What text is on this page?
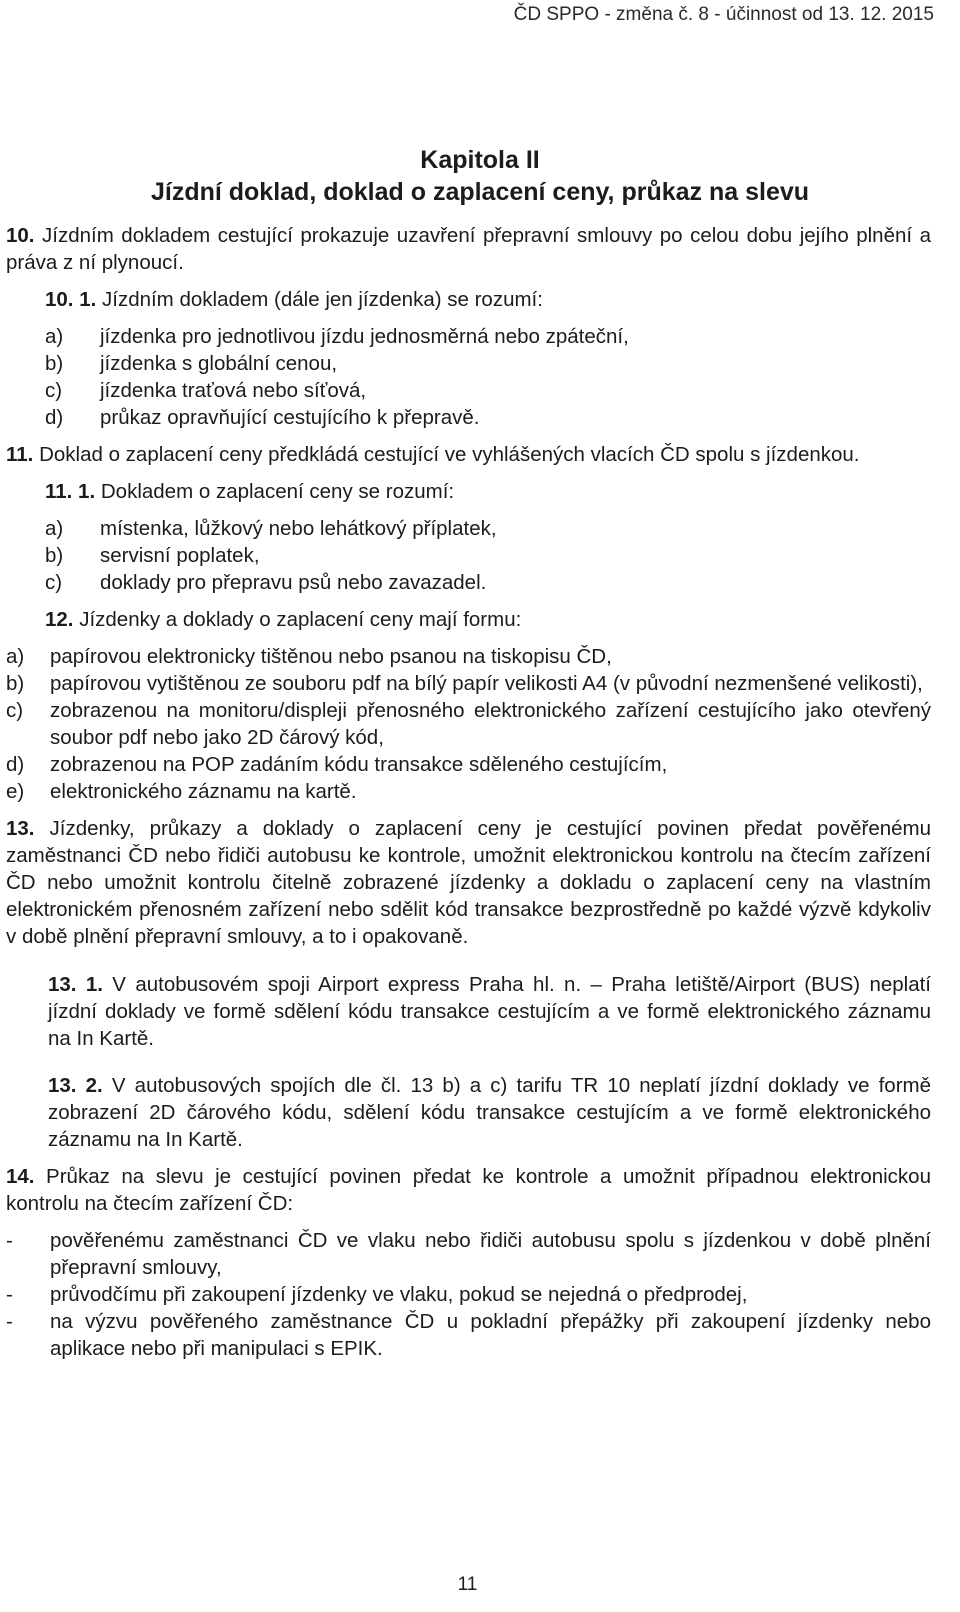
ČD SPPO - změna č. 8 - účinnost od 13. 12. 2015
Kapitola II
Jízdní doklad, doklad o zaplacení ceny, průkaz na slevu

10. Jízdním dokladem cestující prokazuje uzavření přepravní smlouvy po celou dobu jejího plnění a práva z ní plynoucí.

10. 1. Jízdním dokladem (dále jen jízdenka) se rozumí:

a)	jízdenka pro jednotlivou jízdu jednosměrná nebo zpáteční,
b)	jízdenka s globální cenou,
c)	jízdenka traťová nebo síťová,
d)	průkaz opravňující cestujícího k přepravě.

11. Doklad o zaplacení ceny předkládá cestující ve vyhlášených vlacích ČD spolu s jízdenkou.

11. 1. Dokladem o zaplacení ceny se rozumí:

a)	místenka, lůžkový nebo lehátkový příplatek,
b)	servisní poplatek,
c)	doklady pro přepravu psů nebo zavazadel.

12. Jízdenky a doklady o zaplacení ceny mají formu:

a)	papírovou elektronicky tištěnou nebo psanou na tiskopisu ČD,
b)	papírovou vytištěnou ze souboru pdf na bílý papír velikosti A4 (v původní nezmenšené velikosti),
c)	zobrazenou na monitoru/displeji přenosného elektronického zařízení cestujícího jako otevřený soubor pdf nebo jako 2D čárový kód,
d)	zobrazenou na POP zadáním kódu transakce sděleného cestujícím,
e)	elektronického záznamu na kartě.

13. Jízdenky, průkazy a doklady o zaplacení ceny je cestující povinen předat pověřenému zaměstnanci ČD nebo řidiči autobusu ke kontrole, umožnit elektronickou kontrolu na čtecím zařízení ČD nebo umožnit kontrolu čitelně zobrazené jízdenky a dokladu o zaplacení ceny na vlastním elektronickém přenosném zařízení nebo sdělit kód transakce bezprostředně po každé výzvě kdykoliv v době plnění přepravní smlouvy, a to i opakovaně.

13. 1. V autobusovém spoji Airport express Praha hl. n. – Praha letiště/Airport (BUS) neplatí jízdní doklady ve formě sdělení kódu transakce cestujícím a ve formě elektronického záznamu na In Kartě.

13. 2. V autobusových spojích dle čl. 13 b) a c) tarifu TR 10 neplatí jízdní doklady ve formě zobrazení 2D čárového kódu, sdělení kódu transakce cestujícím a ve formě elektronického záznamu na In Kartě.

14. Průkaz na slevu je cestující povinen předat ke kontrole a umožnit případnou elektronickou kontrolu na čtecím zařízení ČD:

-	pověřenému zaměstnanci ČD ve vlaku nebo řidiči autobusu spolu s jízdenkou v době plnění přepravní smlouvy,
-	průvodčímu při zakoupení jízdenky ve vlaku, pokud se nejedná o předprodej,
-	na výzvu pověřeného zaměstnance ČD u pokladní přepážky při zakoupení jízdenky nebo aplikace nebo při manipulaci s EPIK.
11
